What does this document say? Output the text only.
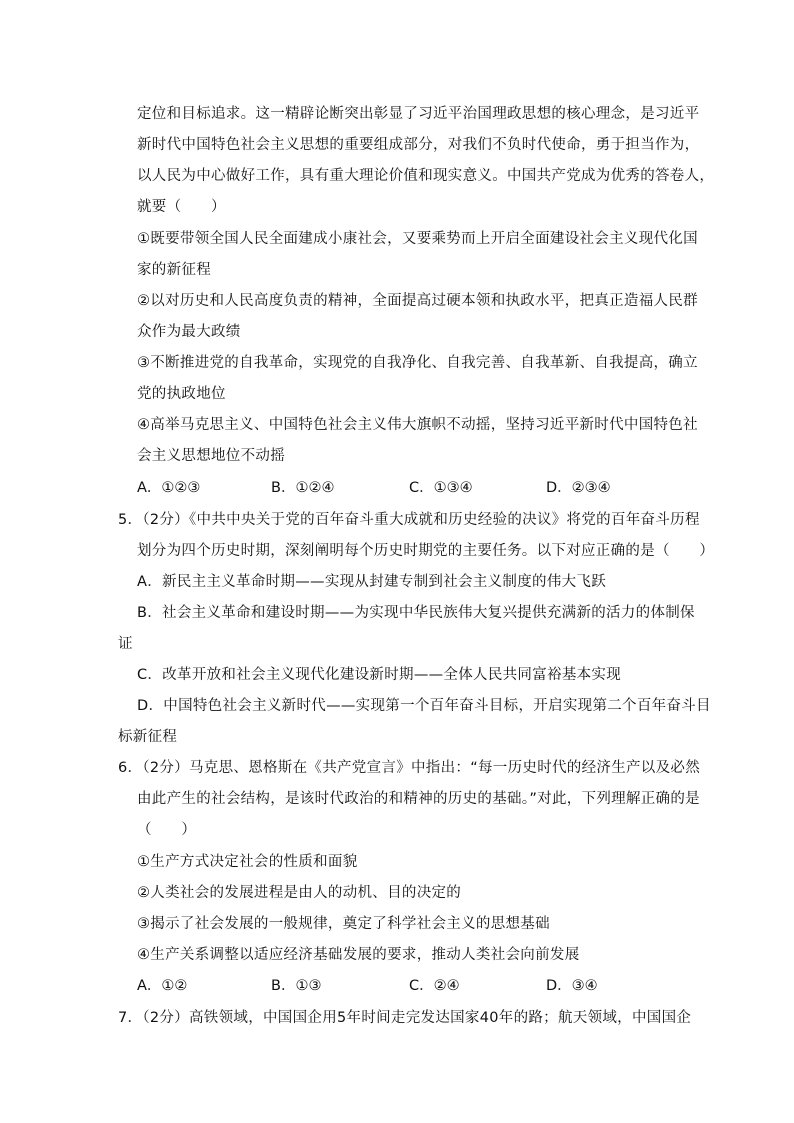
定位和目标追求。这一精辟论断突出彰显了习近平治国理政思想的核心理念，是习近平
新时代中国特色社会主义思想的重要组成部分，对我们不负时代使命，勇于担当作为，
以人民为中心做好工作，具有重大理论价值和现实意义。中国共产党成为优秀的答卷人，
就要（　　）
①既要带领全国人民全面建成小康社会，又要乘势而上开启全面建设社会主义现代化国
家的新征程
②以对历史和人民高度负责的精神，全面提高过硬本领和执政水平，把真正造福人民群
众作为最大政绩
③不断推进党的自我革命，实现党的自我净化、自我完善、自我革新、自我提高，确立
党的执政地位
④高举马克思主义、中国特色社会主义伟大旗帜不动摇，坚持习近平新时代中国特色社
会主义思想地位不动摇
A．①②③	B．①②④	C．①③④	D．②③④
5．（2分）《中共中央关于党的百年奋斗重大成就和历史经验的决议》将党的百年奋斗历程
划分为四个历史时期，深刻阐明每个历史时期党的主要任务。以下对应正确的是（　　）
A．新民主主义革命时期——实现从封建专制到社会主义制度的伟大飞跃
B．社会主义革命和建设时期——为实现中华民族伟大复兴提供充满新的活力的体制保
证
C．改革开放和社会主义现代化建设新时期——全体人民共同富裕基本实现
D．中国特色社会主义新时代——实现第一个百年奋斗目标，开启实现第二个百年奋斗目
标新征程
6．（2分）马克思、恩格斯在《共产党宣言》中指出：“每一历史时代的经济生产以及必然
由此产生的社会结构，是该时代政治的和精神的历史的基础。”对此，下列理解正确的是
（　　）
①生产方式决定社会的性质和面貌
②人类社会的发展进程是由人的动机、目的决定的
③揭示了社会发展的一般规律，奠定了科学社会主义的思想基础
④生产关系调整以适应经济基础发展的要求，推动人类社会向前发展
A．①②	B．①③	C．②④	D．③④
7．（2分）高铁领域，中国国企用5年时间走完发达国家40年的路；航天领域，中国国企
